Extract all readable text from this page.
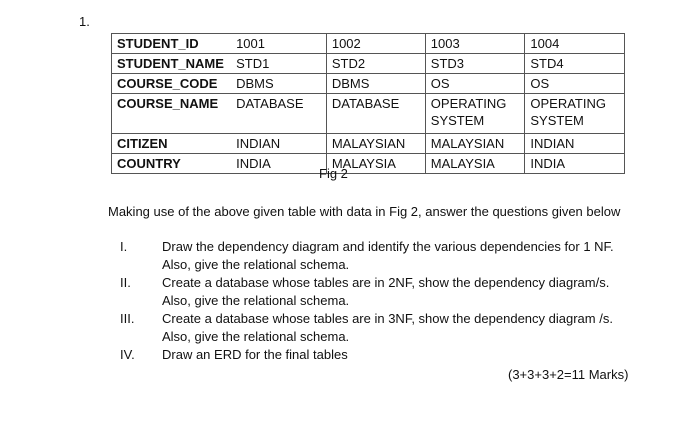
1.
STUDENT_ID	1001	1002	1003	1004
STUDENT_NAME	STD1	STD2	STD3	STD4
COURSE_CODE	DBMS	DBMS	OS	OS
COURSE_NAME	DATABASE	DATABASE	OPERATING SYSTEM	OPERATING SYSTEM

CITIZEN	INDIAN	MALAYSIAN	MALAYSIAN	INDIAN
COUNTRY	INDIA	MALAYSIA	MALAYSIA	INDIA
Fig 2
Making use of the above given table with data in Fig 2, answer the questions given below
I.	Draw the dependency diagram and identify the various dependencies for 1 NF. Also, give the relational schema.
II. Create a database whose tables are in 2NF, show the dependency diagram/s. Also, give the relational schema.
III. Create a database whose tables are in 3NF, show the dependency diagram /s. Also, give the relational schema.
IV. Draw an ERD for the final tables
(3+3+3+2=11 Marks)
